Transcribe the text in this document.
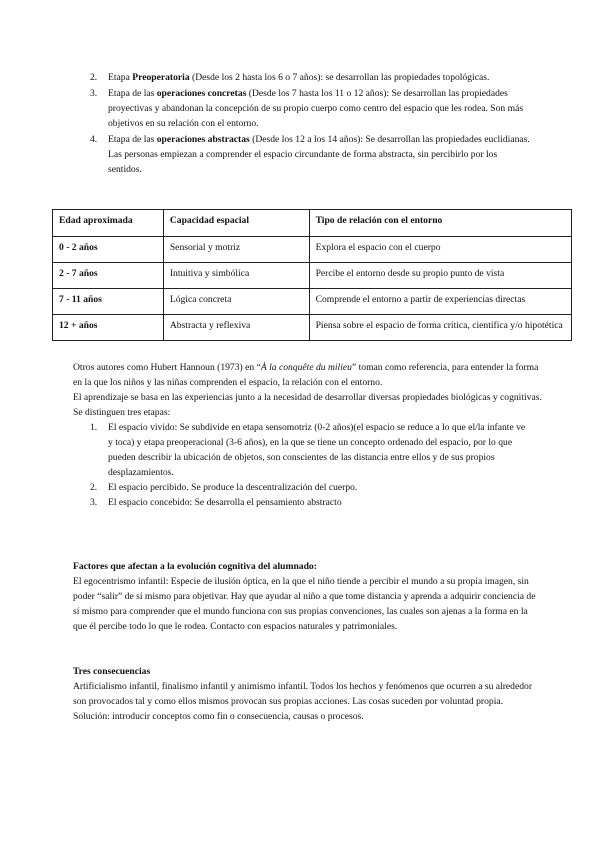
2. Etapa Preoperatoria (Desde los 2 hasta los 6 o 7 años): se desarrollan las propiedades topológicas.
3. Etapa de las operaciones concretas (Desde los 7 hasta los 11 o 12 años): Se desarrollan las propiedades proyectivas y abandonan la concepción de su propio cuerpo como centro del espacio que les rodea. Son más objetivos en su relación con el entorno.
4. Etapa de las operaciones abstractas (Desde los 12 a los 14 años): Se desarrollan las propiedades euclidianas. Las personas empiezan a comprender el espacio circundante de forma abstracta, sin percibirlo por los sentidos.
Edad aproximada	Capacidad espacial	Tipo de relación con el entorno
0 - 2 años	Sensorial y motriz	Explora el espacio con el cuerpo
2 - 7 años	Intuitiva y simbólica	Percibe el entorno desde su propio punto de vista
7 - 11 años	Lógica concreta	Comprende el entorno a partir de experiencias directas
12 + años	Abstracta y reflexiva	Piensa sobre el espacio de forma crítica, científica y/o hipotética

Otros autores como Hubert Hannoun (1973) en “À la conquête du milieu” toman como referencia, para entender la forma en la que los niños y las niñas comprenden el espacio, la relación con el entorno.

El aprendizaje se basa en las experiencias junto a la necesidad de desarrollar diversas propiedades biológicas y cognitivas.

Se distinguen tres etapas:

1. El espacio vivido: Se subdivide en etapa sensomotriz (0-2 años)(el espacio se reduce a lo que el/la infante ve y toca) y etapa preoperacional (3-6 años), en la que se tiene un concepto ordenado del espacio, por lo que pueden describir la ubicación de objetos, son conscientes de las distancia entre ellos y de sus propios desplazamientos.
2. El espacio percibido. Se produce la descentralización del cuerpo.
3. El espacio concebido: Se desarrolla el pensamiento abstracto

Factores que afectan a la evolución cognitiva del alumnado:

El egocentrismo infantil: Especie de ilusión óptica, en la que el niño tiende a percibir el mundo a su propia imagen, sin poder “salir” de sí mismo para objetivar. Hay que ayudar al niño a que tome distancia y aprenda a adquirir conciencia de sí mismo para comprender que el mundo funciona con sus propias convenciones, las cuales son ajenas a la forma en la que él percibe todo lo que le rodea. Contacto con espacios naturales y patrimoniales.

Tres consecuencias

Artificialismo infantil, finalismo infantil y animismo infantil. Todos los hechos y fenómenos que ocurren a su alrededor son provocados tal y como ellos mismos provocan sus propias acciones. Las cosas suceden por voluntad propia. Solución: introducir conceptos como fin o consecuencia, causas o procesos.
